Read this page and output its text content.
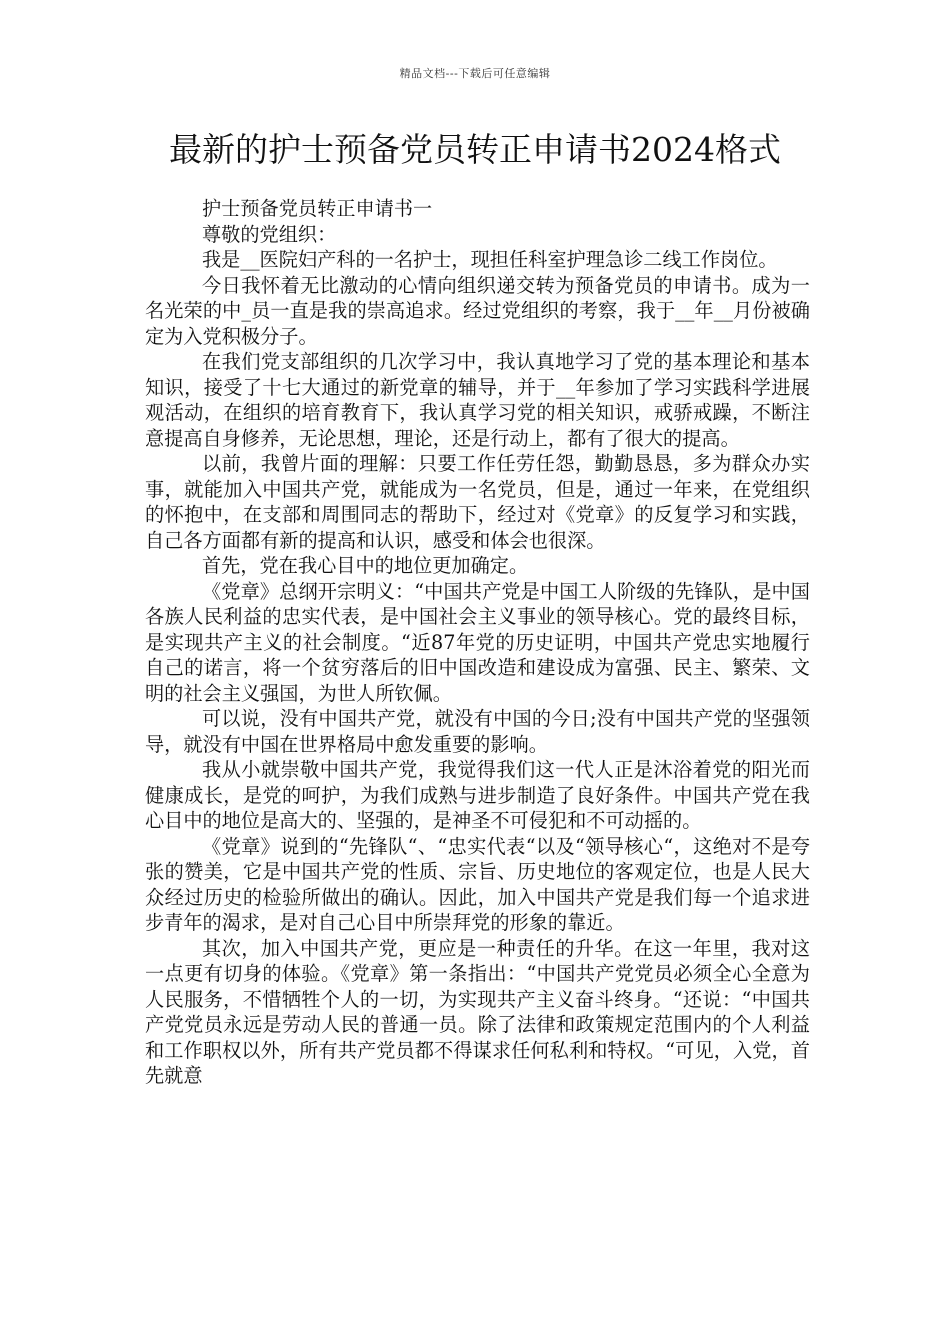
精品文档---下载后可任意编辑
最新的护士预备党员转正申请书2024格式

护士预备党员转正申请书一

尊敬的党组织：

我是__医院妇产科的一名护士，现担任科室护理急诊二线工作岗位。

今日我怀着无比激动的心情向组织递交转为预备党员的申请书。成为一名光荣的中_员一直是我的崇高追求。经过党组织的考察，我于__年__月份被确定为入党积极分子。

在我们党支部组织的几次学习中，我认真地学习了党的基本理论和基本知识，接受了十七大通过的新党章的辅导，并于__年参加了学习实践科学进展观活动，在组织的培育教育下，我认真学习党的相关知识，戒骄戒躁，不断注意提高自身修养，无论思想，理论，还是行动上，都有了很大的提高。

以前，我曾片面的理解：只要工作任劳任怨，勤勤恳恳，多为群众办实事，就能加入中国共产党，就能成为一名党员，但是，通过一年来，在党组织的怀抱中，在支部和周围同志的帮助下，经过对《党章》的反复学习和实践，自己各方面都有新的提高和认识，感受和体会也很深。

首先，党在我心目中的地位更加确定。

《党章》总纲开宗明义：“中国共产党是中国工人阶级的先锋队，是中国各族人民利益的忠实代表，是中国社会主义事业的领导核心。党的最终目标，是实现共产主义的社会制度。“近87年党的历史证明，中国共产党忠实地履行自己的诺言，将一个贫穷落后的旧中国改造和建设成为富强、民主、繁荣、文明的社会主义强国，为世人所钦佩。

可以说，没有中国共产党，就没有中国的今日;没有中国共产党的坚强领导，就没有中国在世界格局中愈发重要的影响。

我从小就崇敬中国共产党，我觉得我们这一代人正是沐浴着党的阳光而健康成长，是党的呵护，为我们成熟与进步制造了良好条件。中国共产党在我心目中的地位是高大的、坚强的，是神圣不可侵犯和不可动摇的。

《党章》说到的“先锋队“、“忠实代表“以及“领导核心“，这绝对不是夸张的赞美，它是中国共产党的性质、宗旨、历史地位的客观定位，也是人民大众经过历史的检验所做出的确认。因此，加入中国共产党是我们每一个追求进步青年的渴求，是对自己心目中所崇拜党的形象的靠近。

其次，加入中国共产党，更应是一种责任的升华。在这一年里，我对这一点更有切身的体验。《党章》第一条指出：“中国共产党党员必须全心全意为人民服务，不惜牺牲个人的一切，为实现共产主义奋斗终身。“还说：“中国共产党党员永远是劳动人民的普通一员。除了法律和政策规定范围内的个人利益和工作职权以外，所有共产党员都不得谋求任何私利和特权。“可见，入党，首先就意
